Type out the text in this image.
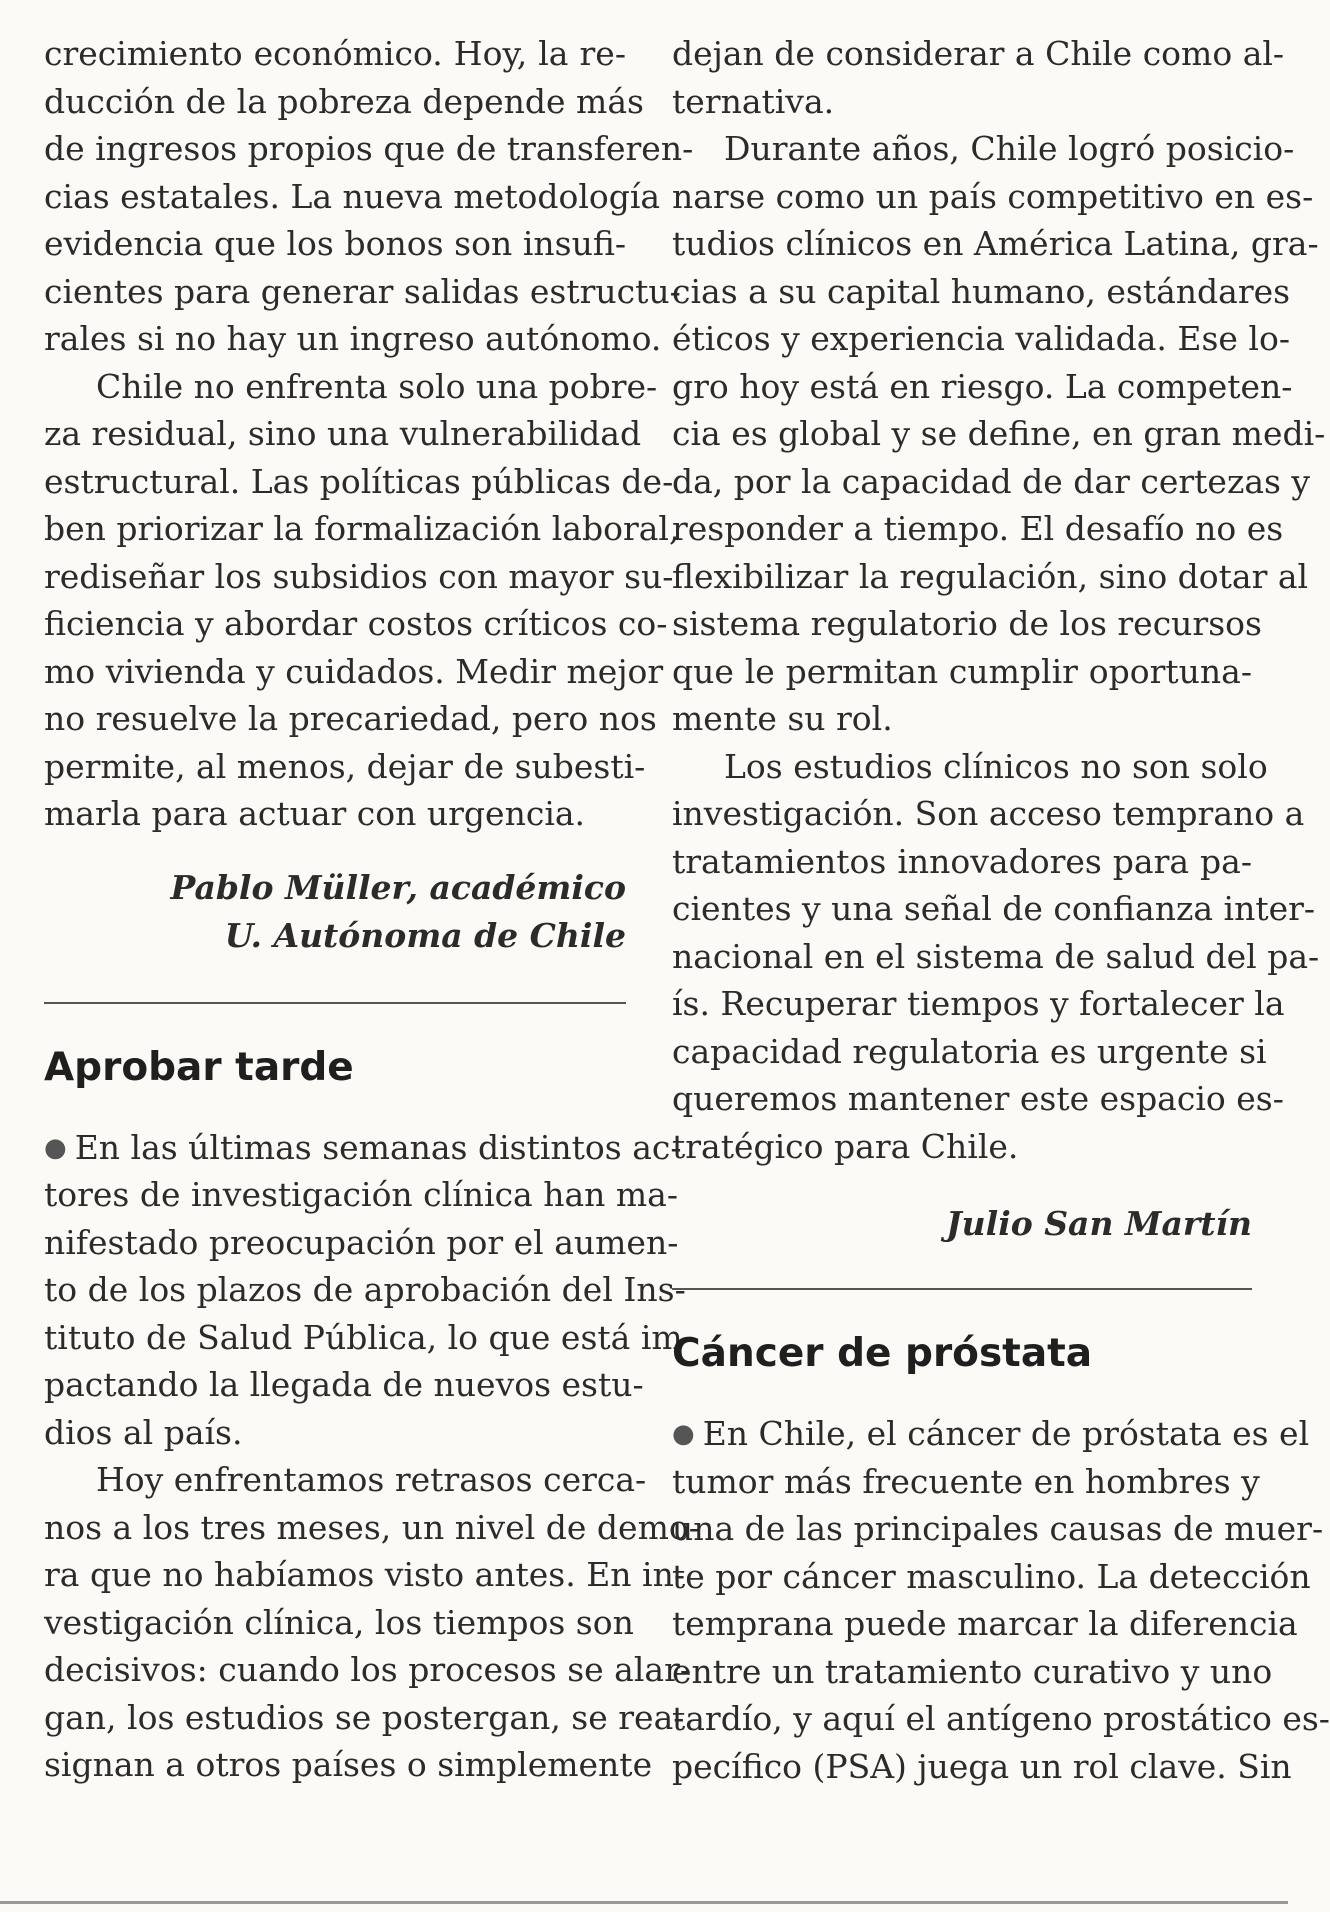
crecimiento económico. Hoy, la re-
ducción de la pobreza depende más
de ingresos propios que de transferen-
cias estatales. La nueva metodología
evidencia que los bonos son insufi-
cientes para generar salidas estructu-
rales si no hay un ingreso autónomo.
Chile no enfrenta solo una pobre-
za residual, sino una vulnerabilidad
estructural. Las políticas públicas de-
ben priorizar la formalización laboral,
rediseñar los subsidios con mayor su-
ficiencia y abordar costos críticos co-
mo vivienda y cuidados. Medir mejor
no resuelve la precariedad, pero nos
permite, al menos, dejar de subesti-
marla para actuar con urgencia.
Pablo Müller, académico
U. Autónoma de Chile
Aprobar tarde
● En las últimas semanas distintos ac-
tores de investigación clínica han ma-
nifestado preocupación por el aumen-
to de los plazos de aprobación del Ins-
tituto de Salud Pública, lo que está im-
pactando la llegada de nuevos estu-
dios al país.
Hoy enfrentamos retrasos cerca-
nos a los tres meses, un nivel de demo-
ra que no habíamos visto antes. En in-
vestigación clínica, los tiempos son
decisivos: cuando los procesos se alar-
gan, los estudios se postergan, se rea-
signan a otros países o simplemente
dejan de considerar a Chile como al-
ternativa.
Durante años, Chile logró posicio-
narse como un país competitivo en es-
tudios clínicos en América Latina, gra-
cias a su capital humano, estándares
éticos y experiencia validada. Ese lo-
gro hoy está en riesgo. La competen-
cia es global y se define, en gran medi-
da, por la capacidad de dar certezas y
responder a tiempo. El desafío no es
flexibilizar la regulación, sino dotar al
sistema regulatorio de los recursos
que le permitan cumplir oportuna-
mente su rol.
Los estudios clínicos no son solo
investigación. Son acceso temprano a
tratamientos innovadores para pa-
cientes y una señal de confianza inter-
nacional en el sistema de salud del pa-
ís. Recuperar tiempos y fortalecer la
capacidad regulatoria es urgente si
queremos mantener este espacio es-
tratégico para Chile.
Julio San Martín
Cáncer de próstata
● En Chile, el cáncer de próstata es el
tumor más frecuente en hombres y
una de las principales causas de muer-
te por cáncer masculino. La detección
temprana puede marcar la diferencia
entre un tratamiento curativo y uno
tardío, y aquí el antígeno prostático es-
pecífico (PSA) juega un rol clave. Sin
